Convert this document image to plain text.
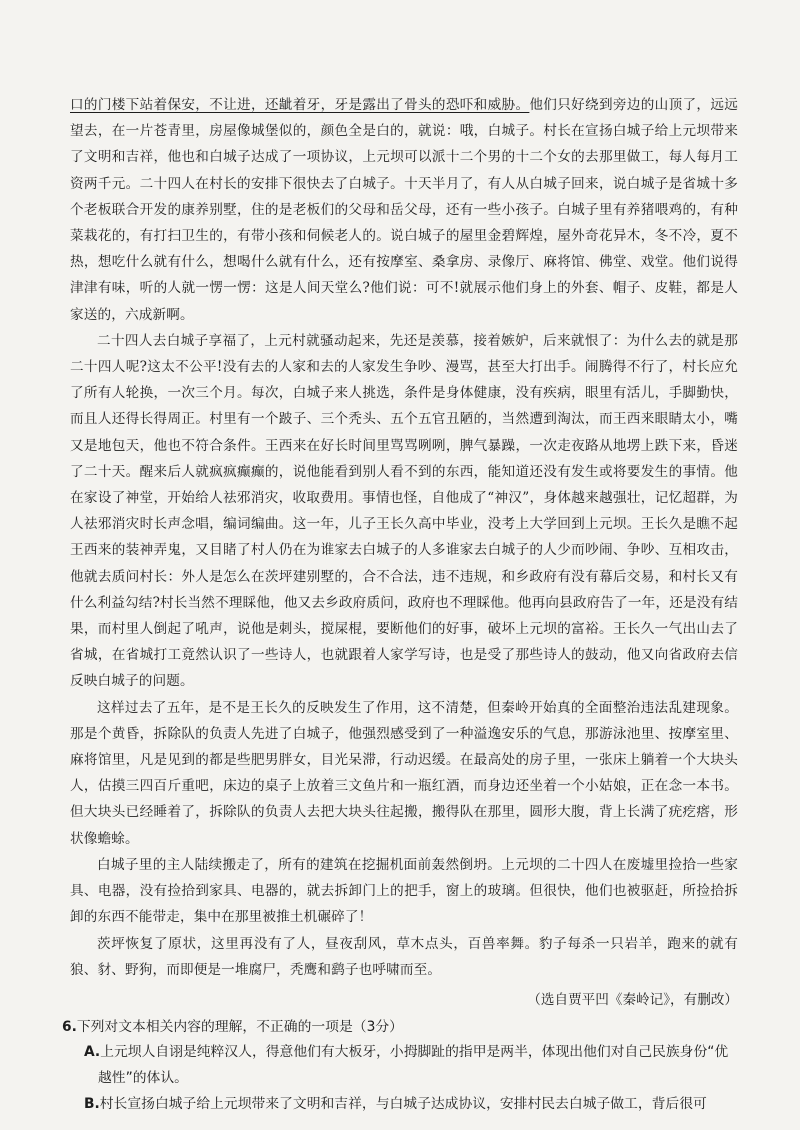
口的门楼下站着保安，不让进，还龇着牙，牙是露出了骨头的恐吓和威胁。他们只好绕到旁边的山顶了，远远望去，在一片苍青里，房屋像城堡似的，颜色全是白的，就说：哦，白城子。村长在宣扬白城子给上元坝带来了文明和吉祥，他也和白城子达成了一项协议，上元坝可以派十二个男的十二个女的去那里做工，每人每月工资两千元。二十四人在村长的安排下很快去了白城子。十天半月了，有人从白城子回来，说白城子是省城十多个老板联合开发的康养别墅，住的是老板们的父母和岳父母，还有一些小孩子。白城子里有养猪喂鸡的，有种菜栽花的，有打扫卫生的，有带小孩和伺候老人的。说白城子的屋里金碧辉煌，屋外奇花异木，冬不冷，夏不热，想吃什么就有什么，想喝什么就有什么，还有按摩室、桑拿房、录像厅、麻将馆、佛堂、戏堂。他们说得津津有味，听的人就一愣一愣：这是人间天堂么?他们说：可不!就展示他们身上的外套、帽子、皮鞋，都是人家送的，六成新啊。

二十四人去白城子享福了，上元村就骚动起来，先还是羡慕，接着嫉妒，后来就恨了：为什么去的就是那二十四人呢?这太不公平!没有去的人家和去的人家发生争吵、漫骂，甚至大打出手。闹腾得不行了，村长应允了所有人轮换，一次三个月。每次，白城子来人挑选，条件是身体健康，没有疾病，眼里有活儿，手脚勤快，而且人还得长得周正。村里有一个跛子、三个秃头、五个五官丑陋的，当然遭到淘汰，而王西来眼睛太小，嘴又是地包天，他也不符合条件。王西来在好长时间里骂骂咧咧，脾气暴躁，一次走夜路从地塄上跌下来，昏迷了二十天。醒来后人就疯疯癫癫的，说他能看到别人看不到的东西，能知道还没有发生或将要发生的事情。他在家设了神堂，开始给人祛邪消灾，收取费用。事情也怪，自他成了“神汉”，身体越来越强壮，记忆超群，为人祛邪消灾时长声念唱，编词编曲。这一年，儿子王长久高中毕业，没考上大学回到上元坝。王长久是瞧不起王西来的装神弄鬼，又目睹了村人仍在为谁家去白城子的人多谁家去白城子的人少而吵闹、争吵、互相攻击，他就去质问村长：外人是怎么在茨坪建别墅的，合不合法，违不违规，和乡政府有没有幕后交易，和村长又有什么利益勾结?村长当然不理睬他，他又去乡政府质问，政府也不理睬他。他再向县政府告了一年，还是没有结果，而村里人倒起了吼声，说他是刺头，搅屎棍，要断他们的好事，破坏上元坝的富裕。王长久一气出山去了省城，在省城打工竟然认识了一些诗人，也就跟着人家学写诗，也是受了那些诗人的鼓动，他又向省政府去信反映白城子的问题。

这样过去了五年，是不是王长久的反映发生了作用，这不清楚，但秦岭开始真的全面整治违法乱建现象。那是个黄昏，拆除队的负责人先进了白城子，他强烈感受到了一种溢逸安乐的气息，那游泳池里、按摩室里、麻将馆里，凡是见到的都是些肥男胖女，目光呆滞，行动迟缓。在最高处的房子里，一张床上躺着一个大块头人，估摸三四百斤重吧，床边的桌子上放着三文鱼片和一瓶红酒，而身边还坐着一个小姑娘，正在念一本书。但大块头已经睡着了，拆除队的负责人去把大块头往起搬，搬得队在那里，圆形大腹，背上长满了疣疙瘩，形状像蟾蜍。

白城子里的主人陆续搬走了，所有的建筑在挖掘机面前轰然倒坍。上元坝的二十四人在废墟里捡拾一些家具、电器，没有捡拾到家具、电器的，就去拆卸门上的把手，窗上的玻璃。但很快，他们也被驱赶，所捡拾拆卸的东西不能带走，集中在那里被推土机碾碎了！

茨坪恢复了原状，这里再没有了人，昼夜刮风，草木点头，百兽率舞。豹子每杀一只岩羊，跑来的就有狼、豺、野狗，而即便是一堆腐尸，秃鹰和鹞子也呼啸而至。

（选自贾平凹《秦岭记》，有删改）

6.下列对文本相关内容的理解，不正确的一项是（3分）

A.上元坝人自诩是纯粹汉人，得意他们有大板牙，小拇脚趾的指甲是两半，体现出他们对自己民族身份“优越性”的体认。

B.村长宣扬白城子给上元坝带来了文明和吉祥，与白城子达成协议，安排村民去白城子做工，背后很可
